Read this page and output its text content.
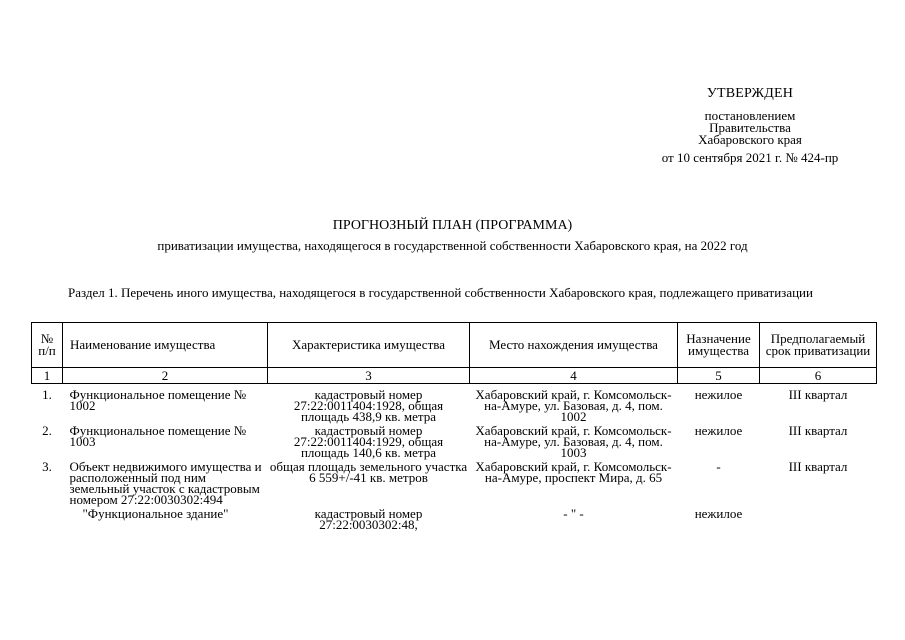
УТВЕРЖДЕН
постановлением
Правительства
Хабаровского края
от 10 сентября 2021 г. № 424-пр
ПРОГНОЗНЫЙ ПЛАН (ПРОГРАММА)
приватизации имущества, находящегося в государственной собственности Хабаровского края, на 2022 год
Раздел 1. Перечень иного имущества, находящегося в государственной собственности Хабаровского края, подлежащего приватизации
№ п/п	Наименование имущества	Характеристика имущества	Место нахождения имущества	Назначение имущества	Предполагаемый срок приватизации
1	2	3	4	5	6

1.	Функциональное помещение № 1002	кадастровый номер 27:22:0011404:1928, общая площадь 438,9 кв. метра	Хабаровский край, г. Комсомольск-на-Амуре, ул. Базовая, д. 4, пом. 1002	нежилое	III квартал
2.	Функциональное помещение № 1003	кадастровый номер 27:22:0011404:1929, общая площадь 140,6 кв. метра	Хабаровский край, г. Комсомольск-на-Амуре, ул. Базовая, д. 4, пом. 1003	нежилое	III квартал
3.	Объект недвижимого имущества и расположенный под ним земельный участок с кадастровым номером 27:22:0030302:494	общая площадь земельного участка 6 559+/-41 кв. метров	Хабаровский край, г. Комсомольск-на-Амуре, проспект Мира, д. 65	-	III квартал
	"Функциональное здание"	кадастровый номер 27:22:0030302:48,	- " -	нежилое	
